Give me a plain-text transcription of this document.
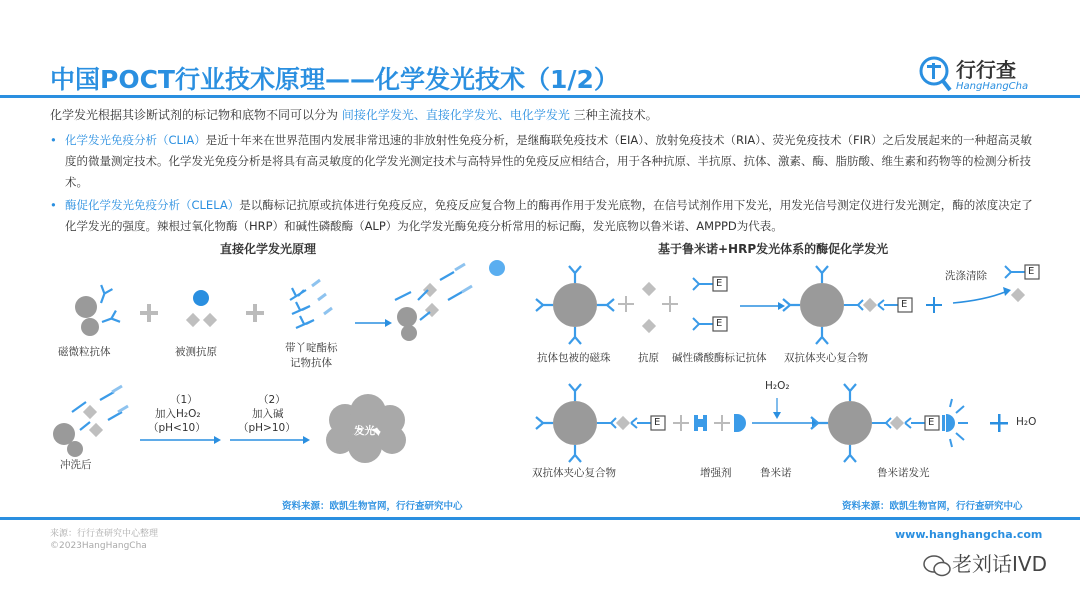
中国POCT行业技术原理——化学发光技术（1/2）	行行查
HangHangCha
化学发光根据其诊断试剂的标记物和底物不同可以分为 间接化学发光、直接化学发光、电化学发光 三种主流技术。
• 化学发光免疫分析（CLIA）是近十年来在世界范围内发展非常迅速的非放射性免疫分析，是继酶联免疫技术（EIA）、放射免疫技术（RIA）、荧光免疫技术（FIR）之后发展起来的一种超高灵敏度的微量测定技术。化学发光免疫分析是将具有高灵敏度的化学发光测定技术与高特异性的免疫反应相结合，用于各种抗原、半抗原、抗体、激素、酶、脂肪酸、维生素和药物等的检测分析技术。
• 酶促化学发光免疫分析（CLELA）是以酶标记抗原或抗体进行免疫反应，免疫反应复合物上的酶再作用于发光底物，在信号试剂作用下发光，用发光信号测定仪进行发光测定，酶的浓度决定了化学发光的强度。辣根过氧化物酶（HRP）和碱性磷酸酶（ALP）为化学发光酶免疫分析常用的标记酶，发光底物以鲁米诺、AMPPD为代表。
直接化学发光原理	基于鲁米诺+HRP发光体系的酶促化学发光
E
E
E
E
E	E
磁微粒抗体	被测抗原	带丫啶酯标
记物抗体
冲洗后
（1）
加入H₂O₂
（pH<10）
（2）
加入碱
（pH>10）	发光
资料来源：欧凯生物官网，行行查研究中心
抗体包被的磁珠	抗原 碱性磷酸酶标记抗体 双抗体夹心复合物
双抗体夹心复合物	增强剂	鲁米诺	鲁米诺发光
洗涤清除
H₂O₂
H₂O
资料来源：欧凯生物官网，行行查研究中心
来源：行行查研究中心整理
©2023HangHangCha
www.hanghangcha.com
老刘话IVD
